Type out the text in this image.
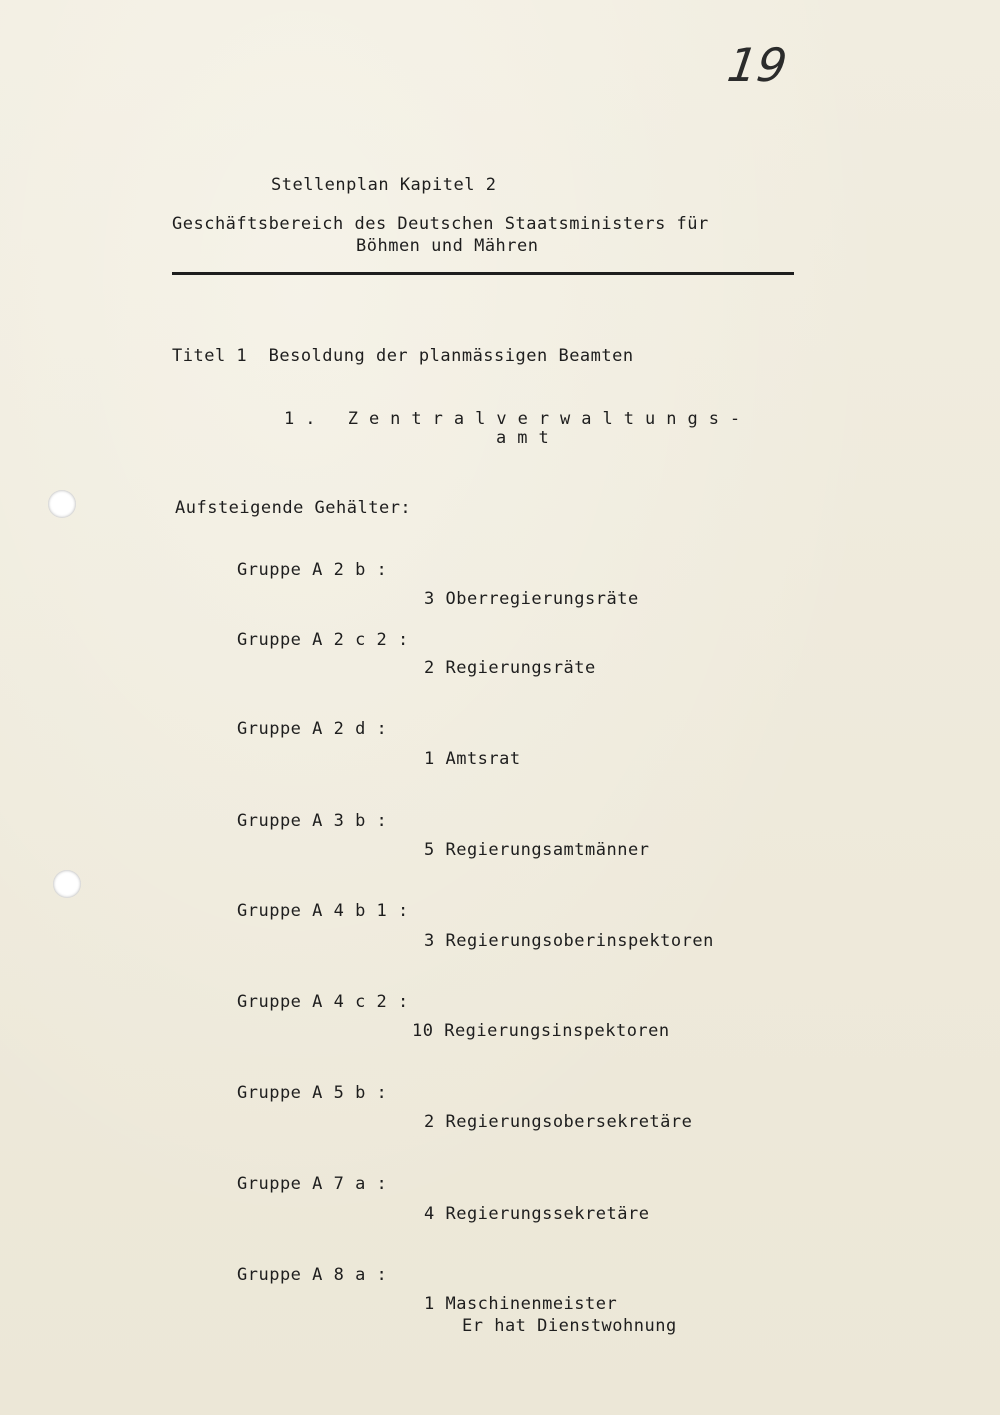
19
Stellenplan Kapitel 2
Geschäftsbereich des Deutschen Staatsministers für
Böhmen und Mähren
Titel 1  Besoldung der planmässigen Beamten
1. Zentralverwaltungs-
amt
Aufsteigende Gehälter:
Gruppe A 2 b :
3 Oberregierungsräte
Gruppe A 2 c 2 :
2 Regierungsräte
Gruppe A 2 d :
1 Amtsrat
Gruppe A 3 b :
5 Regierungsamtmänner
Gruppe A 4 b 1 :
3 Regierungsoberinspektoren
Gruppe A 4 c 2 :
10 Regierungsinspektoren
Gruppe A 5 b :
2 Regierungsobersekretäre
Gruppe A 7 a :
4 Regierungssekretäre
Gruppe A 8 a :
1 Maschinenmeister
Er hat Dienstwohnung
